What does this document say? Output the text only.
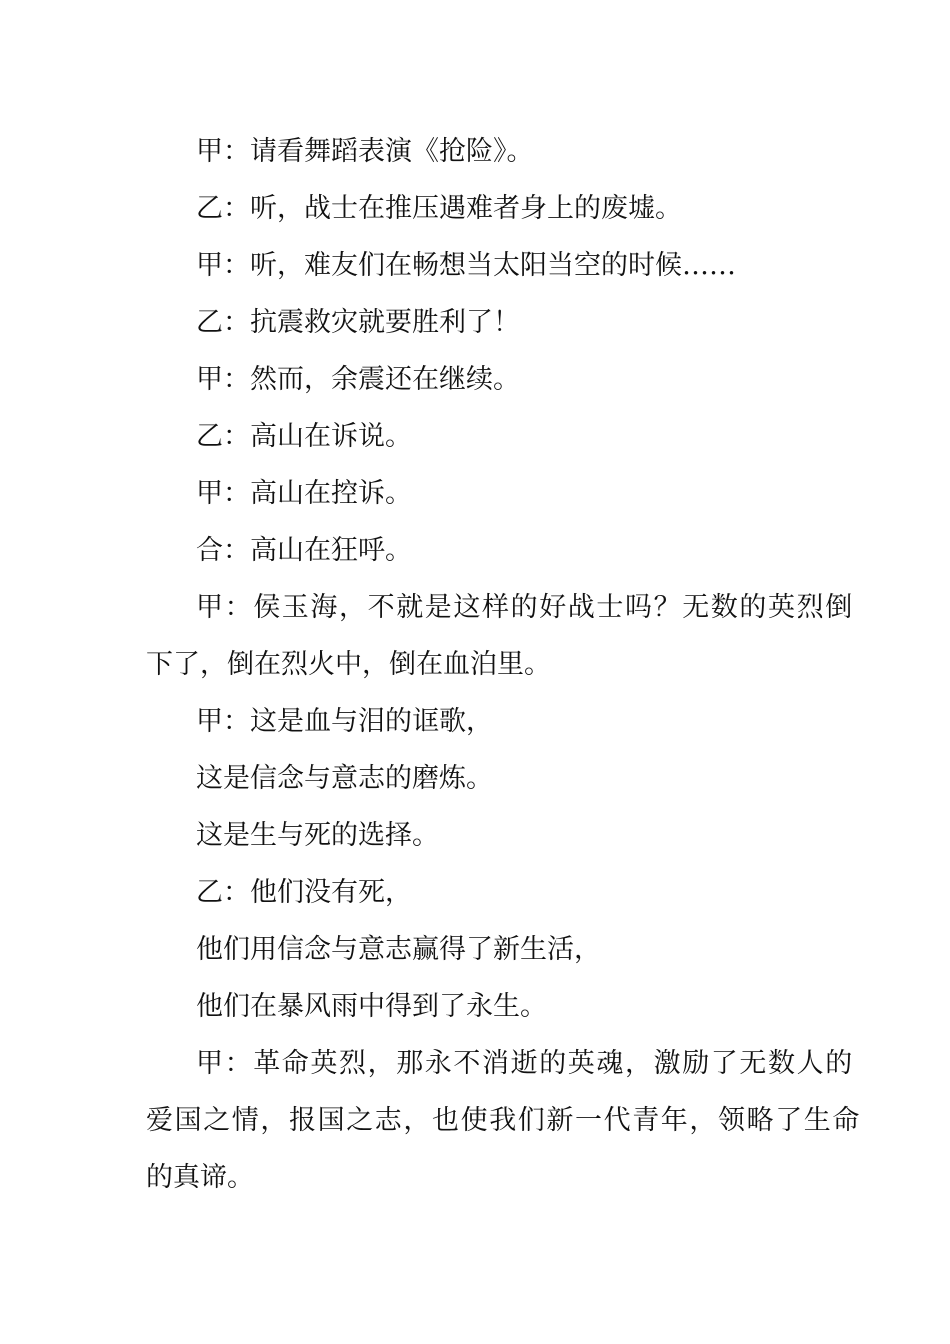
甲：请看舞蹈表演《抢险》。
乙：听，战士在推压遇难者身上的废墟。
甲：听，难友们在畅想当太阳当空的时候……
乙：抗震救灾就要胜利了！
甲：然而，余震还在继续。
乙：高山在诉说。
甲：高山在控诉。
合：高山在狂呼。
甲：侯玉海，不就是这样的好战士吗？无数的英烈倒
下了，倒在烈火中，倒在血泊里。
甲：这是血与泪的诓歌，
这是信念与意志的磨炼。
这是生与死的选择。
乙：他们没有死，
他们用信念与意志赢得了新生活，
他们在暴风雨中得到了永生。
甲：革命英烈，那永不消逝的英魂，激励了无数人的
爱国之情，报国之志，也使我们新一代青年，领略了生命
的真谛。
